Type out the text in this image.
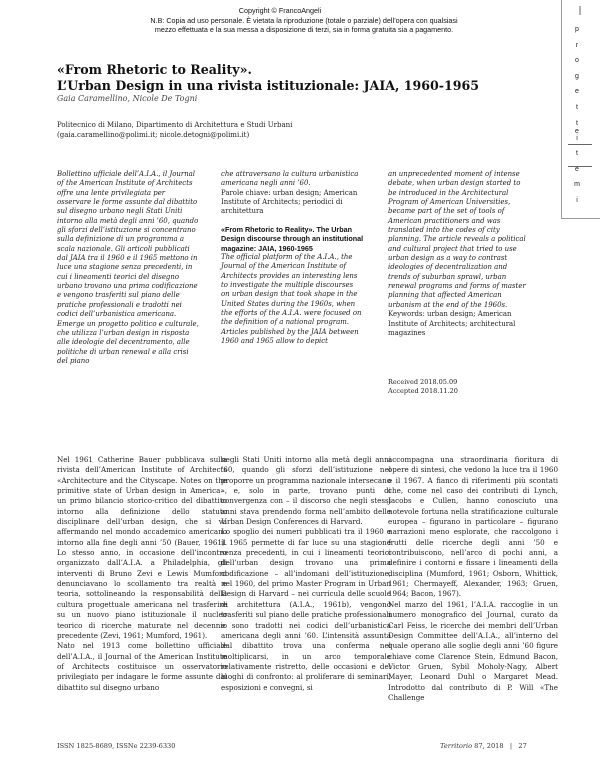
Copyright © FrancoAngeli
N.B: Copia ad uso personale. È vietata la riproduzione (totale o parziale) dell’opera con qualsiasi
mezzo effettuata e la sua messa a disposizione di terzi, sia in forma gratuita sia a pagamento.
|
p
r
o
g
e
t
t
i
e
t
e
m
i
«From Rhetoric to Reality».
L’Urban Design in una rivista istituzionale: JAIA, 1960-1965
Gaia Caramellino, Nicole De Togni
Politecnico di Milano, Dipartimento di Architettura e Studi Urbani
(gaia.caramellino@polimi.it; nicole.detogni@polimi.it)

Bollettino ufficiale dell’A.I.A., il Journal of the American Institute of Architects offre una lente privilegiata per osservare le forme assunte dal dibattito sul disegno urbano negli Stati Uniti intorno alla metà degli anni ’60, quando gli sforzi dell’istituzione si concentrano sulla definizione di un programma a scala nazionale. Gli articoli pubblicati dal JAIA tra il 1960 e il 1965 mettono in luce una stagione senza precedenti, in cui i lineamenti teorici del disegno urbano trovano una prima codificazione e vengono trasferiti sul piano delle pratiche professionali e tradotti nei codici dell’urbanistica americana. Emerge un progetto politico e culturale, che utilizza l’urban design in risposta alle ideologie del decentramento, alle politiche di urban renewal e alla crisi del piano

che attraversano la cultura urbanistica americana negli anni ’60.

Parole chiave: urban design; American Institute of Architects; periodici di architettura

«From Rhetoric to Reality». The Urban Design discourse through an institutional magazine: JAIA, 1960-1965

The official platform of the A.I.A., the Journal of the American Institute of Architects provides an interesting lens to investigate the multiple discourses on urban design that took shape in the United States during the 1960s, when the efforts of the A.I.A. were focused on the definition of a national program. Articles published by the JAIA between 1960 and 1965 allow to depict

an unprecedented moment of intense debate, when urban design started to be introduced in the Architectural Program of American Universities, became part of the set of tools of American practitioners and was translated into the codes of city planning. The article reveals a political and cultural project that tried to use urban design as a way to contrast ideologies of decentralization and trends of suburban sprawl, urban renewal programs and forms of master planning that affected American urbanism at the end of the 1960s.

Keywords: urban design; American Institute of Architects; architectural magazines

Received 2018.05.09
Accepted 2018.11.20

Nel 1961 Catherine Bauer pubblicava sulla rivista dell’American Institute of Architects «Architecture and the Cityscape. Notes on the primitive state of Urban design in America», un primo bilancio storico-critico del dibattito intorno alla definizione dello statuto disciplinare dell’urban design, che si va affermando nel mondo accademico americano intorno alla fine degli anni ’50 (Bauer, 1961). Lo stesso anno, in occasione dell’incontro organizzato dall’A.I.A. a Philadelphia, gli interventi di Bruno Zevi e Lewis Mumford denunciavano lo scollamento tra realtà e teoria, sottolineando la responsabilità della cultura progettuale americana nel trasferire su un nuovo piano istituzionale il nucleo teorico di ricerche maturate nel decennio precedente (Zevi, 1961; Mumford, 1961).

Nato nel 1913 come bollettino ufficiale dell’A.I.A., il Journal of the American Institute of Architects costituisce un osservatorio privilegiato per indagare le forme assunte dal dibattito sul disegno urbano

negli Stati Uniti intorno alla metà degli anni ’60, quando gli sforzi dell’istituzione nel proporre un programma nazionale intersecano – e, solo in parte, trovano punti di convergenza con – il discorso che negli stessi anni stava prendendo forma nell’ambito delle Urban Design Conferences di Harvard.

Lo spoglio dei numeri pubblicati tra il 1960 e il 1965 permette di far luce su una stagione senza precedenti, in cui i lineamenti teorici dell’urban design trovano una prima codificazione – all’indomani dell’istituzione, nel 1960, del primo Master Program in Urban Design di Harvard – nei curricula delle scuole di architettura (A.I.A., 1961b), vengono trasferiti sul piano delle pratiche professionali e sono tradotti nei codici dell’urbanistica americana degli anni ’60. L’intensità assunta dal dibattito trova una conferma nel moltiplicarsi, in un arco temporale relativamente ristretto, delle occasioni e dei luoghi di confronto: al proliferare di seminari, esposizioni e convegni, si

accompagna una straordinaria fioritura di opere di sintesi, che vedono la luce tra il 1960 e il 1967. A fianco di riferimenti più scontati che, come nel caso dei contributi di Lynch, Jacobs e Cullen, hanno conosciuto una notevole fortuna nella stratificazione culturale europea – figurano in particolare – figurano narrazioni meno esplorate, che raccolgono i frutti delle ricerche degli anni ’50 e contribuiscono, nell’arco di pochi anni, a definire i contorni e fissare i lineamenti della disciplina (Mumford, 1961; Osborn, Whittick, 1961; Chermayeff, Alexander, 1963; Gruen, 1964; Bacon, 1967).

Nel marzo del 1961, l’A.I.A. raccoglie in un numero monografico del Journal, curato da Carl Feiss, le ricerche dei membri dell’Urban Design Committee dell’A.I.A., all’interno del quale operano alle soglie degli anni ’60 figure chiave come Clarence Stein, Edmund Bacon, Victor Gruen, Sybil Moholy-Nagy, Albert Mayer, Leonard Duhl o Margaret Mead. Introdotto dal contributo di P. Will «The Challenge

ISSN 1825-8689, ISSNe 2239-6330	Territorio 87, 2018   |   27
